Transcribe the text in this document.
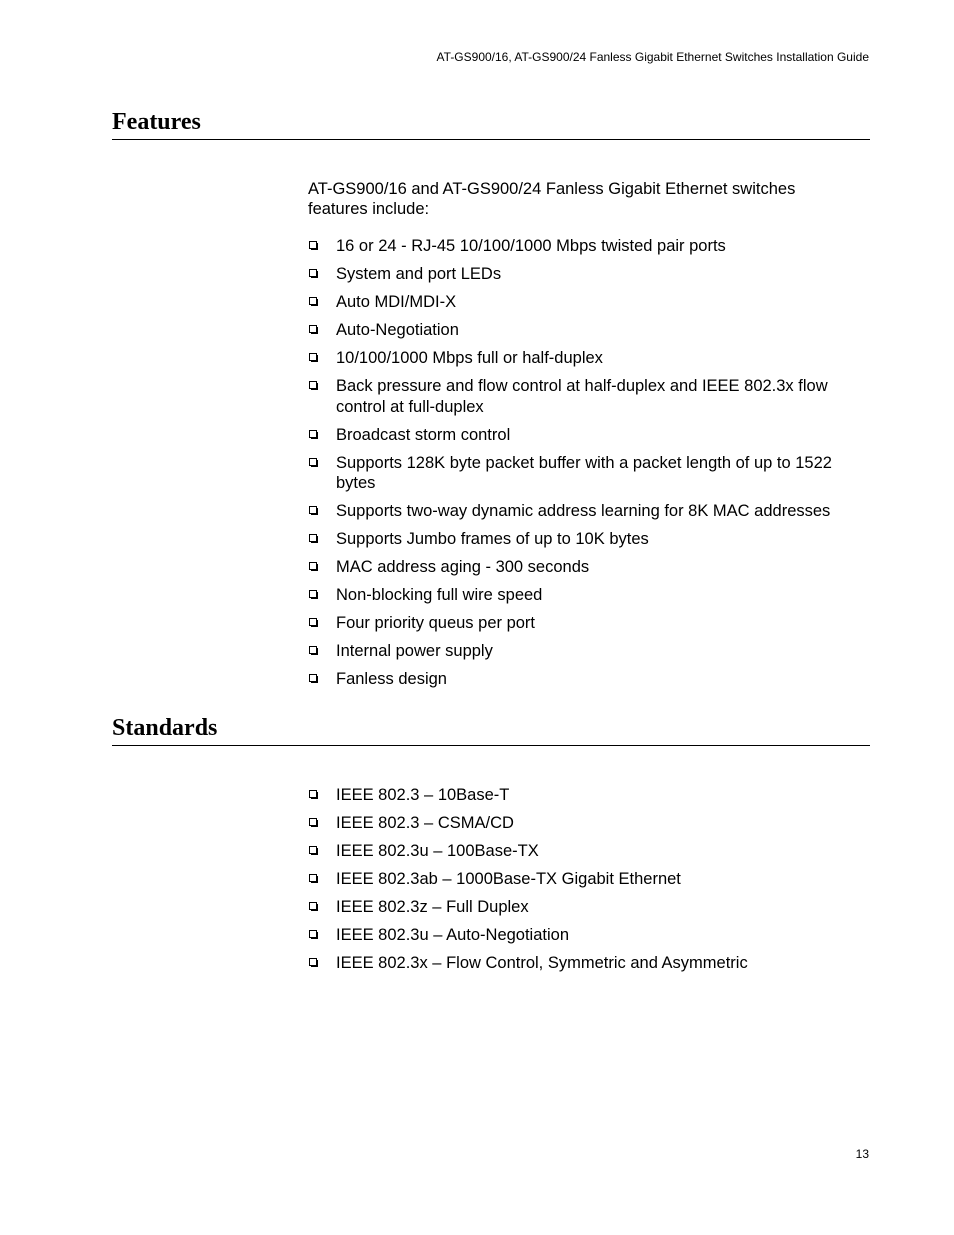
AT-GS900/16, AT-GS900/24 Fanless Gigabit Ethernet Switches Installation Guide
Features

AT-GS900/16 and AT-GS900/24 Fanless Gigabit Ethernet switches features include:

16 or 24 - RJ-45 10/100/1000 Mbps twisted pair ports
System and port LEDs
Auto MDI/MDI-X
Auto-Negotiation
10/100/1000 Mbps full or half-duplex
Back pressure and flow control at half-duplex and IEEE 802.3x flow control at full-duplex
Broadcast storm control
Supports 128K byte packet buffer with a packet length of up to 1522 bytes
Supports two-way dynamic address learning for 8K MAC addresses
Supports Jumbo frames of up to 10K bytes
MAC address aging - 300 seconds
Non-blocking full wire speed
Four priority queus per port
Internal power supply
Fanless design
Standards
IEEE 802.3 – 10Base-T
IEEE 802.3 – CSMA/CD
IEEE 802.3u – 100Base-TX
IEEE 802.3ab – 1000Base-TX Gigabit Ethernet
IEEE 802.3z – Full Duplex
IEEE 802.3u – Auto-Negotiation
IEEE 802.3x – Flow Control, Symmetric and Asymmetric
13
